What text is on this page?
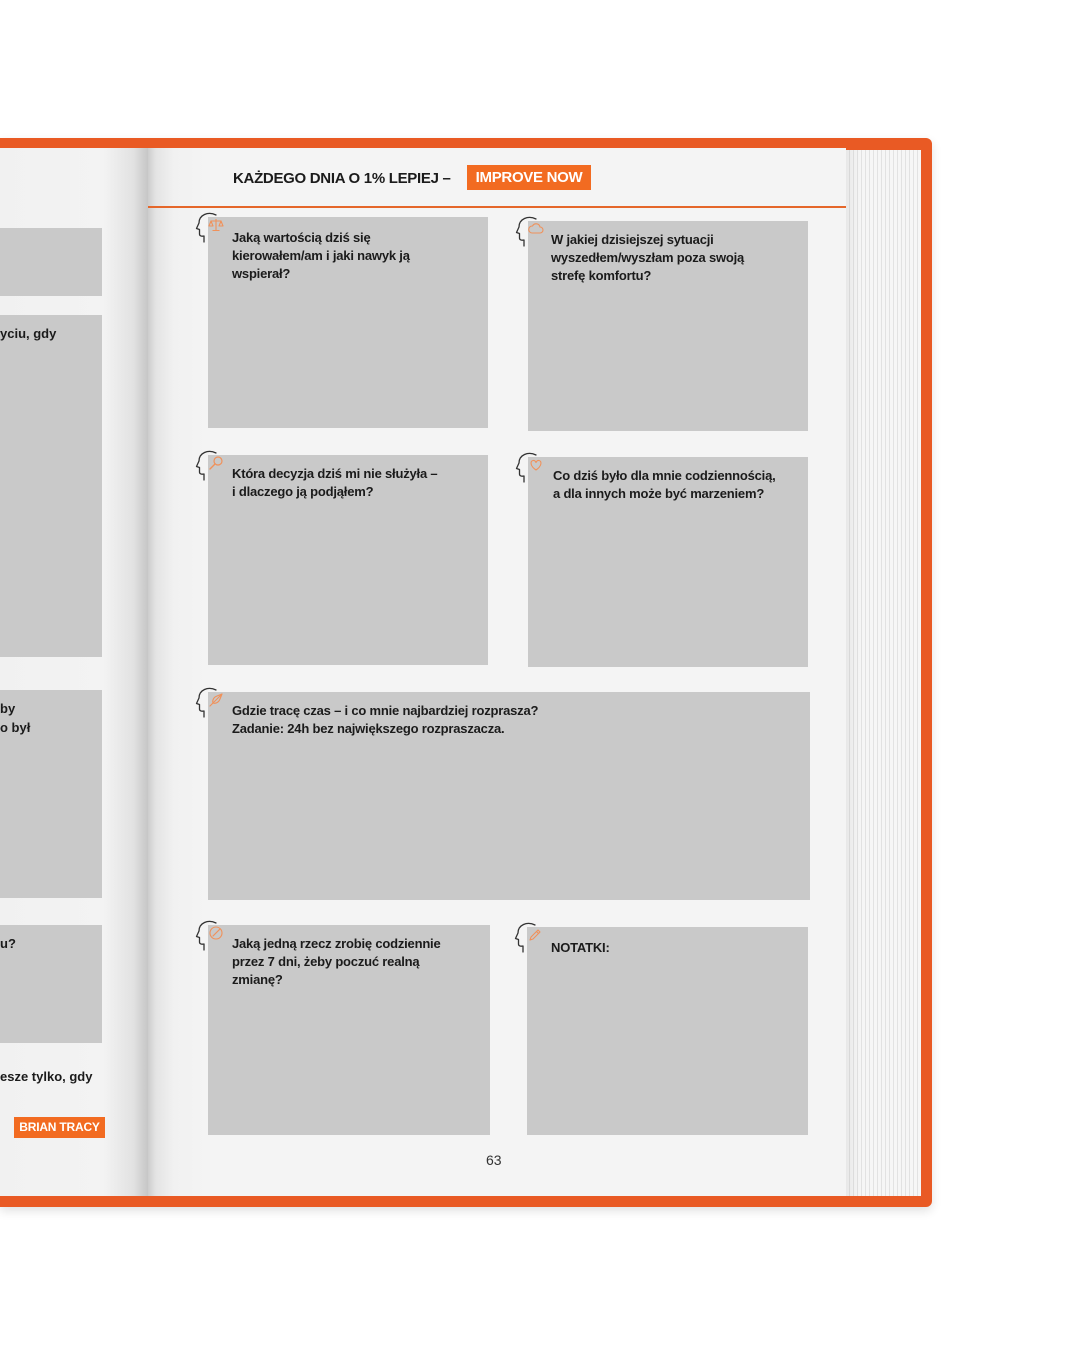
yciu, gdy
by
o był
u?
esze tylko, gdy
BRIAN TRACY
KAŻDEGO DNIA O 1% LEPIEJ –	IMPROVE NOW
Jaką wartością dziś się
kierowałem/am i jaki nawyk ją
wspierał?
W jakiej dzisiejszej sytuacji
wyszedłem/wyszłam poza swoją
strefę komfortu?
Która decyzja dziś mi nie służyła –
i dlaczego ją podjąłem?
Co dziś było dla mnie codziennością,
a dla innych może być marzeniem?
Gdzie tracę czas – i co mnie najbardziej rozprasza?
Zadanie: 24h bez największego rozpraszacza.
Jaką jedną rzecz zrobię codziennie
przez 7 dni, żeby poczuć realną
zmianę?
NOTATKI:
63
